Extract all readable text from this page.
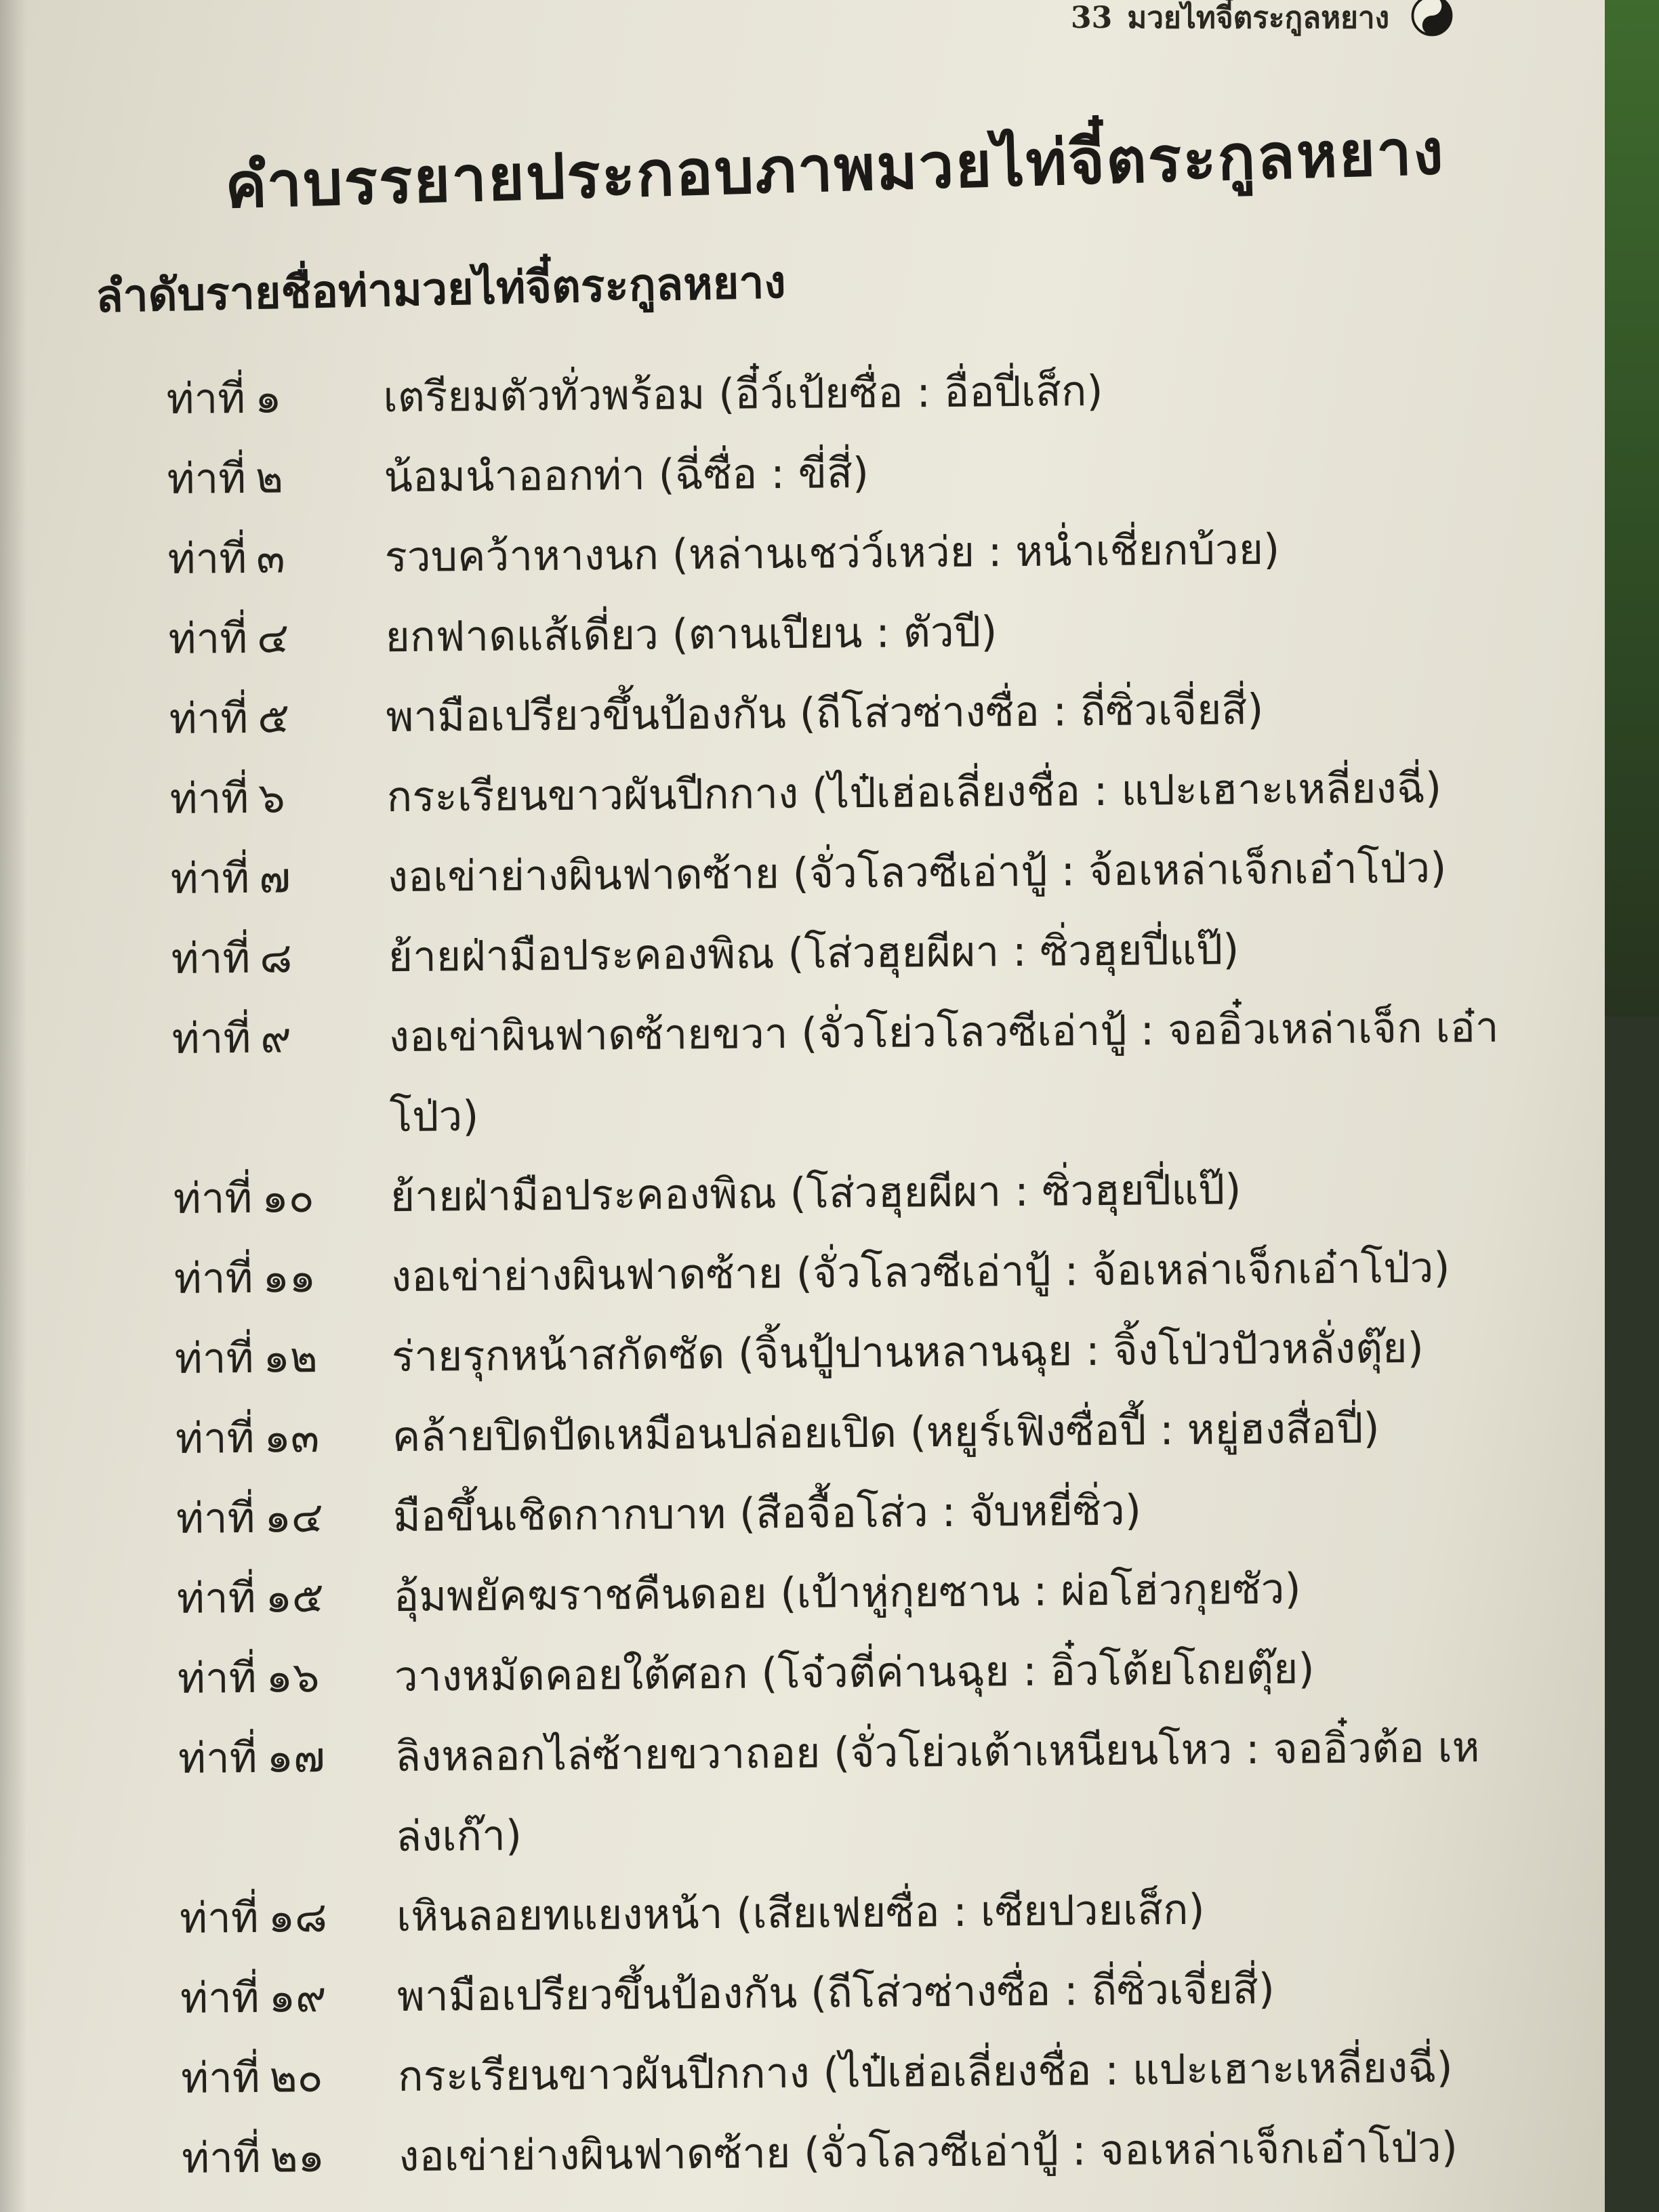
33 มวยไทจี๋ตระกูลหยาง
คำบรรยายประกอบภาพมวยไท่จี๋ตระกูลหยาง
ลำดับรายชื่อท่ามวยไท่จี๋ตระกูลหยาง
ท่าที่ ๑	เตรียมตัวทั่วพร้อม (อี๋ว์เป้ยซื่อ : อื่อปี่เส็ก)
ท่าที่ ๒	น้อมนำออกท่า (ฉี่ซื่อ : ขี่สี่)
ท่าที่ ๓	รวบคว้าหางนก (หล่านเชว่ว์เหว่ย : หน่ำเชี่ยกบ้วย)
ท่าที่ ๔	ยกฟาดแส้เดี่ยว (ตานเปียน : ตัวปี)
ท่าที่ ๕	พามือเปรียวขึ้นป้องกัน (ถีโส่วซ่างซื่อ : ถี่ซิ่วเจี่ยสี่)
ท่าที่ ๖	กระเรียนขาวผันปีกกาง (ไป๋เฮ่อเลี่ยงชื่อ : แปะเฮาะเหลี่ยงฉี่)
ท่าที่ ๗	งอเข่าย่างผินฟาดซ้าย (จั่วโลวซีเอ่าปู้ : จ้อเหล่าเจ็กเอ๋าโป่ว)
ท่าที่ ๘	ย้ายฝ่ามือประคองพิณ (โส่วฮุยผีผา : ซิ่วฮุยปี่แป๊)
ท่าที่ ๙	งอเข่าผินฟาดซ้ายขวา (จั่วโย่วโลวซีเอ่าปู้ : จออิ๋วเหล่าเจ็ก เอ๋าโป่ว)
ท่าที่ ๑๐	ย้ายฝ่ามือประคองพิณ (โส่วฮุยผีผา : ซิ่วฮุยปี่แป๊)
ท่าที่ ๑๑	งอเข่าย่างผินฟาดซ้าย (จั่วโลวซีเอ่าปู้ : จ้อเหล่าเจ็กเอ๋าโป่ว)
ท่าที่ ๑๒	ร่ายรุกหน้าสกัดซัด (จิ้นปู้ปานหลานฉุย : จิ้งโป่วปัวหลั่งตุ๊ย)
ท่าที่ ๑๓	คล้ายปิดปัดเหมือนปล่อยเปิด (หยูร์เฟิงซื่อปี้ : หยู่ฮงสื่อปี่)
ท่าที่ ๑๔	มือขึ้นเชิดกากบาท (สือจื้อโส่ว : จับหยี่ซิ่ว)
ท่าที่ ๑๕	อุ้มพยัคฆราชคืนดอย (เป้าหู่กุยซาน : ผ่อโฮ่วกุยซัว)
ท่าที่ ๑๖	วางหมัดคอยใต้ศอก (โจ๋วตี่ค่านฉุย : อิ๋วโต้ยโถยตุ๊ย)
ท่าที่ ๑๗	ลิงหลอกไล่ซ้ายขวาถอย (จั่วโย่วเต้าเหนียนโหว : จออิ๋วต้อ เหล่งเก๊า)
ท่าที่ ๑๘	เหินลอยทแยงหน้า (เสียเฟยซื่อ : เซียปวยเส็ก)
ท่าที่ ๑๙	พามือเปรียวขึ้นป้องกัน (ถีโส่วซ่างซื่อ : ถี่ซิ่วเจี่ยสี่)
ท่าที่ ๒๐	กระเรียนขาวผันปีกกาง (ไป๋เฮ่อเลี่ยงชื่อ : แปะเฮาะเหลี่ยงฉี่)
ท่าที่ ๒๑	งอเข่าย่างผินฟาดซ้าย (จั่วโลวซีเอ่าปู้ : จอเหล่าเจ็กเอ๋าโป่ว)
